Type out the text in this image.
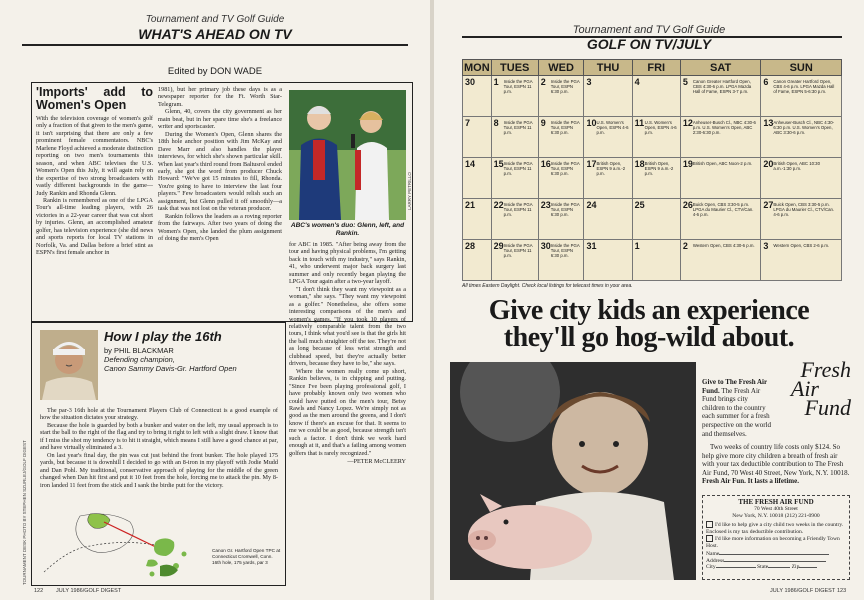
Tournament and TV Golf Guide
WHAT'S AHEAD ON TV
Edited by DON WADE
'Imports' add to Women's Open

With the television coverage of women's golf only a fraction of that given to the men's game, it isn't surprising that there are only a few prominent female commentators. NBC's Marlene Floyd achieved a moderate distinction reporting on two men's tournaments this season, and when ABC televises the U.S. Women's Open this July, it will again rely on the expertise of two strong broadcasters with vastly different backgrounds in the game—Judy Rankin and Rhonda Glenn.

Rankin is remembered as one of the LPGA Tour's all-time leading players, with 26 victories in a 22-year career that was cut short by injuries. Glenn, an accomplished amateur golfer, has television experience (she did news and sports reports for local TV stations in Norfolk, Va. and Dallas before a brief stint as ESPN's first female anchor in

1981), but her primary job these days is as a newspaper reporter for the Ft. Worth Star-Telegram.

Glenn, 40, covers the city government as her main beat, but in her spare time she's a freelance writer and sportscaster.

During the Women's Open, Glenn shares the 18th hole anchor position with Jim McKay and Dave Marr and also handles the player interviews, for which she's shown particular skill. When last year's third round from Baltusrol ended early, she got the word from producer Chuck Howard: "We've got 15 minutes to fill, Rhonda. You're going to have to interview the last four players." Few broadcasters would relish such an assignment, but Glenn pulled it off smoothly—a task that was not lost on the veteran producer.

Rankin follows the leaders as a roving reporter from the fairways. After two years of doing the Women's Open, she landed the plum assignment of doing the men's Open

LARRY PETRILLO
ABC's women's duo: Glenn, left, and Rankin.

for ABC in 1985. "After being away from the tour and having physical problems, I'm getting back in touch with my industry," says Rankin, 41, who underwent major back surgery last summer and only recently began playing the LPGA Tour again after a two-year layoff.

"I don't think they want my viewpoint as a woman," she says. "They want my viewpoint as a golfer." Nonetheless, she offers some interesting comparisons of the men's and women's games. "If you took 10 players of relatively comparable talent from the two tours, I think what you'd see is that the girls hit the ball much straighter off the tee. They're not as long because of less wrist strength and clubhead speed, but they're actually better drivers, because they have to be," she says.

Where the women really come up short, Rankin believes, is in chipping and putting. "Since I've been playing professional golf, I have probably known only two women who could have putted on the men's tour, Betsy Rawls and Nancy Lopez. We're simply not as good as the men around the greens, and I don't know if there's an excuse for that. It seems to me we could be as good, because strength isn't such a factor. I don't think we work hard enough at it, and that's a failing among women golfers that is rarely recognized."

—PETER McCLEERY

How I play the 16th
by PHIL BLACKMAR
Defending champion,
Canon Sammy Davis-Gr. Hartford Open

The par-3 16th hole at the Tournament Players Club of Connecticut is a good example of how the situation dictates your strategy.

Because the hole is guarded by both a bunker and water on the left, my usual approach is to start the ball to the right of the flag and try to bring it right to left with a slight draw. I know that if I miss the shot my tendency is to hit it straight, which means I still have a good chance at par, and have virtually eliminated a 3.

On last year's final day, the pin was cut just behind the front bunker. The hole played 175 yards, but because it is downhill I decided to go with an 8-iron in my playoff with Jodie Mudd and Dan Pohl. My traditional, conservative approach of playing for the middle of the green changed when Dan hit first and put it 10 feet from the hole, forcing me to attack the pin. My 8-iron landed 11 feet from the stick and I sank the birdie putt for the victory.

Canon Gr. Hartford Open TPC at Connecticut Cromwell, Conn. 16th hole, 175 yards, par 3
TOURNAMENT DESK PHOTO BY STEPHEN SZURLEJ/GOLF DIGEST
122 JULY 1986/GOLF DIGEST
Tournament and TV Golf Guide
GOLF ON TV/JULY
MON	TUES	WED	THU	FRI	SAT	SUN

30	1 Inside the PGA Tour, ESPN 11 p.m.	2 Inside the PGA Tour, ESPN 6:30 p.m.	3	4	5 Canon Greater Hartford Open, CBS 4:30-6 p.m. LPGA Mazda Hall of Fame, ESPN 3-7 p.m.	6 Canon Greater Hartford Open, CBS 4-6 p.m. LPGA Mazda Hall of Fame, ESPN 5-6:30 p.m.

7	8 Inside the PGA Tour, ESPN 11 p.m.	9 Inside the PGA Tour, ESPN 6:30 p.m.	10 U.S. Women's Open, ESPN 4-6 p.m.	11 U.S. Women's Open, ESPN 4-6 p.m.	12 Anheuser-Busch Cl., NBC 4:30-6 p.m. U.S. Women's Open, ABC 2:30-6:30 p.m.	13 Anheuser-Busch Cl., NBC 4:30-6:30 p.m. U.S. Women's Open, ABC 3:30-6 p.m.

14	15 Inside the PGA Tour, ESPN 11 p.m.	16 Inside the PGA Tour, ESPN 6:30 p.m.	17 British Open, ESPN 9 a.m.-2 p.m.	18 British Open, ESPN 9 a.m.-2 p.m.	19 British Open, ABC Noon-2 p.m.	20 British Open, ABC 10:30 a.m.-1:30 p.m.

21	22 Inside the PGA Tour, ESPN 11 p.m.	23 Inside the PGA Tour, ESPN 6:30 p.m.	24	25	26 Buick Open, CBS 3:30-5 p.m. LPGA du Maurier Cl., CTV/Can. 4-6 p.m.	27 Buick Open, CBS 3:30-5 p.m. LPGA du Maurier Cl., CTV/Can. 4-6 p.m.

28	29 Inside the PGA Tour, ESPN 11 p.m.	30 Inside the PGA Tour, ESPN 6:30 p.m.	31	1	2 Western Open, CBS 4:30-6 p.m.	3 Western Open, CBS 2-6 p.m.
All times Eastern Daylight. Check local listings for telecast times in your area.
Give city kids an experience
they'll go hog-wild about.
Fresh
Air
Fund
Give to The Fresh Air Fund. The Fresh Air Fund brings city children to the country each summer for a fresh perspective on the world and themselves.
Two weeks of country life costs only $124. So help give more city children a breath of fresh air with your tax deductible contribution to The Fresh Air Fund, 70 West 40 Street, New York, N.Y. 10018. Fresh Air Fun. It lasts a lifetime.
THE FRESH AIR FUND
70 West 40th Street
New York, N.Y. 10018 (212) 221-0900
I'd like to help give a city child two weeks in the country. Enclosed is my tax deductible contribution.
I'd like more information on becoming a Friendly Town Host.
Name
Address
City	State	Zip
JULY 1986/GOLF DIGEST 123
